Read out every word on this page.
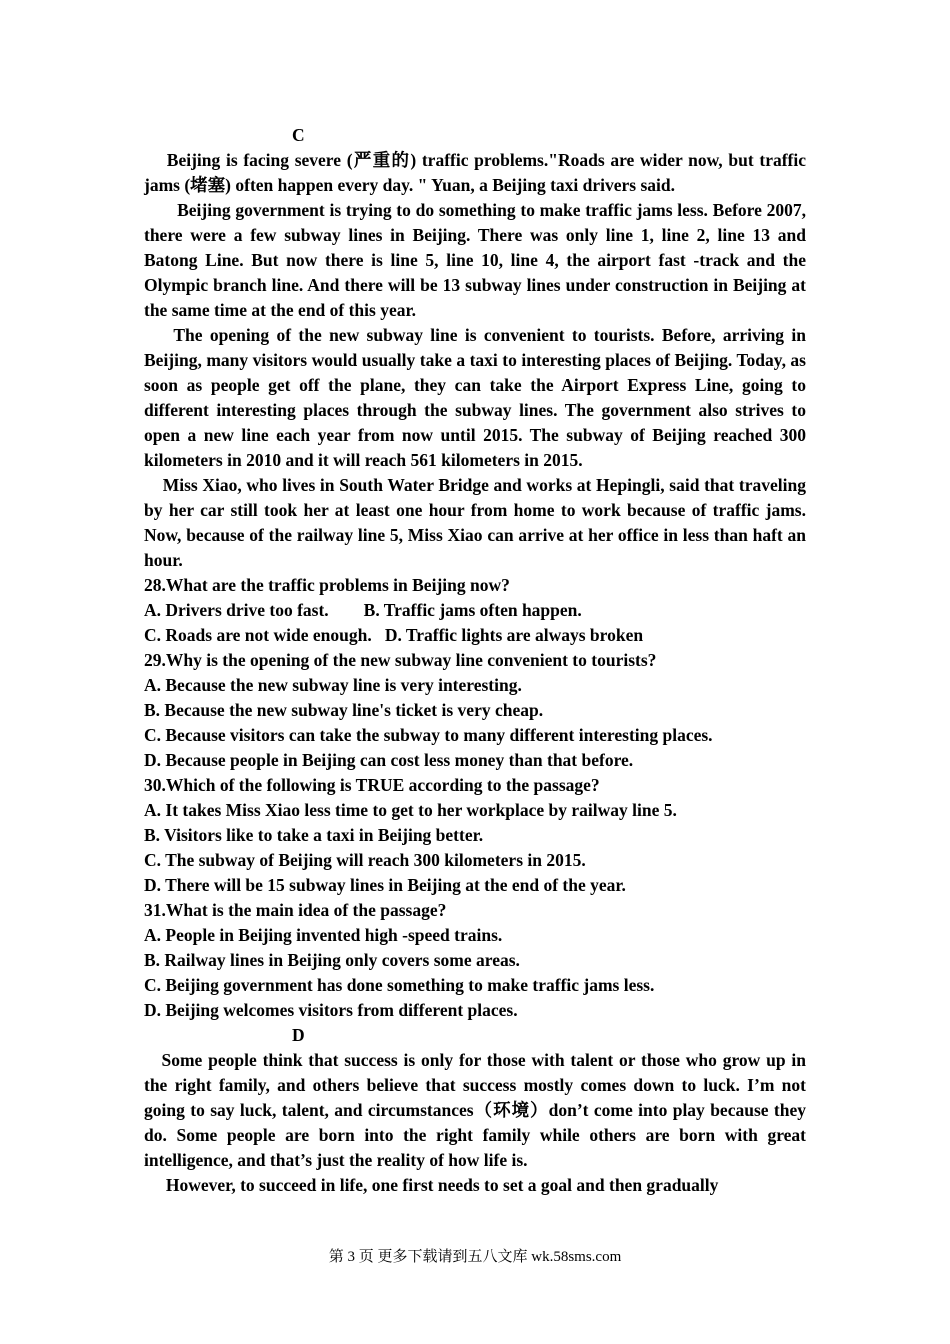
C

Beijing is facing severe (严重的) traffic problems."Roads are wider now, but traffic jams (堵塞) often happen every day. " Yuan, a Beijing taxi drivers said.

Beijing government is trying to do something to make traffic jams less. Before 2007, there were a few subway lines in Beijing. There was only line 1, line 2, line 13 and Batong Line. But now there is line 5, line 10, line 4, the airport fast -track and the Olympic branch line. And there will be 13 subway lines under construction in Beijing at the same time at the end of this year.

The opening of the new subway line is convenient to tourists. Before, arriving in Beijing, many visitors would usually take a taxi to interesting places of Beijing. Today, as soon as people get off the plane, they can take the Airport Express Line, going to different interesting places through the subway lines. The government also strives to open a new line each year from now until 2015. The subway of Beijing reached 300 kilometers in 2010 and it will reach 561 kilometers in 2015.

Miss Xiao, who lives in South Water Bridge and works at Hepingli, said that traveling by her car still took her at least one hour from home to work because of traffic jams. Now, because of the railway line 5, Miss Xiao can arrive at her office in less than haft an hour.

28.What are the traffic problems in Beijing now?

A. Drivers drive too fast.        B. Traffic jams often happen.

C. Roads are not wide enough.   D. Traffic lights are always broken

29.Why is the opening of the new subway line convenient to tourists?

A. Because the new subway line is very interesting.

B. Because the new subway line's ticket is very cheap.

C. Because visitors can take the subway to many different interesting places.

D. Because people in Beijing can cost less money than that before.

30.Which of the following is TRUE according to the passage?

A. It takes Miss Xiao less time to get to her workplace by railway line 5.

B. Visitors like to take a taxi in Beijing better.

C. The subway of Beijing will reach 300 kilometers in 2015.

D. There will be 15 subway lines in Beijing at the end of the year.

31.What is the main idea of the passage?

A. People in Beijing invented high -speed trains.

B. Railway lines in Beijing only covers some areas.

C. Beijing government has done something to make traffic jams less.

D. Beijing welcomes visitors from different places.

D

Some people think that success is only for those with talent or those who grow up in the right family, and others believe that success mostly comes down to luck. I’m not going to say luck, talent, and circumstances（环境）don’t come into play because they do. Some people are born into the right family while others are born with great intelligence, and that’s just the reality of how life is.

However, to succeed in life, one first needs to set a goal and then gradually

第 3 页 更多下载请到五八文库 wk.58sms.com
